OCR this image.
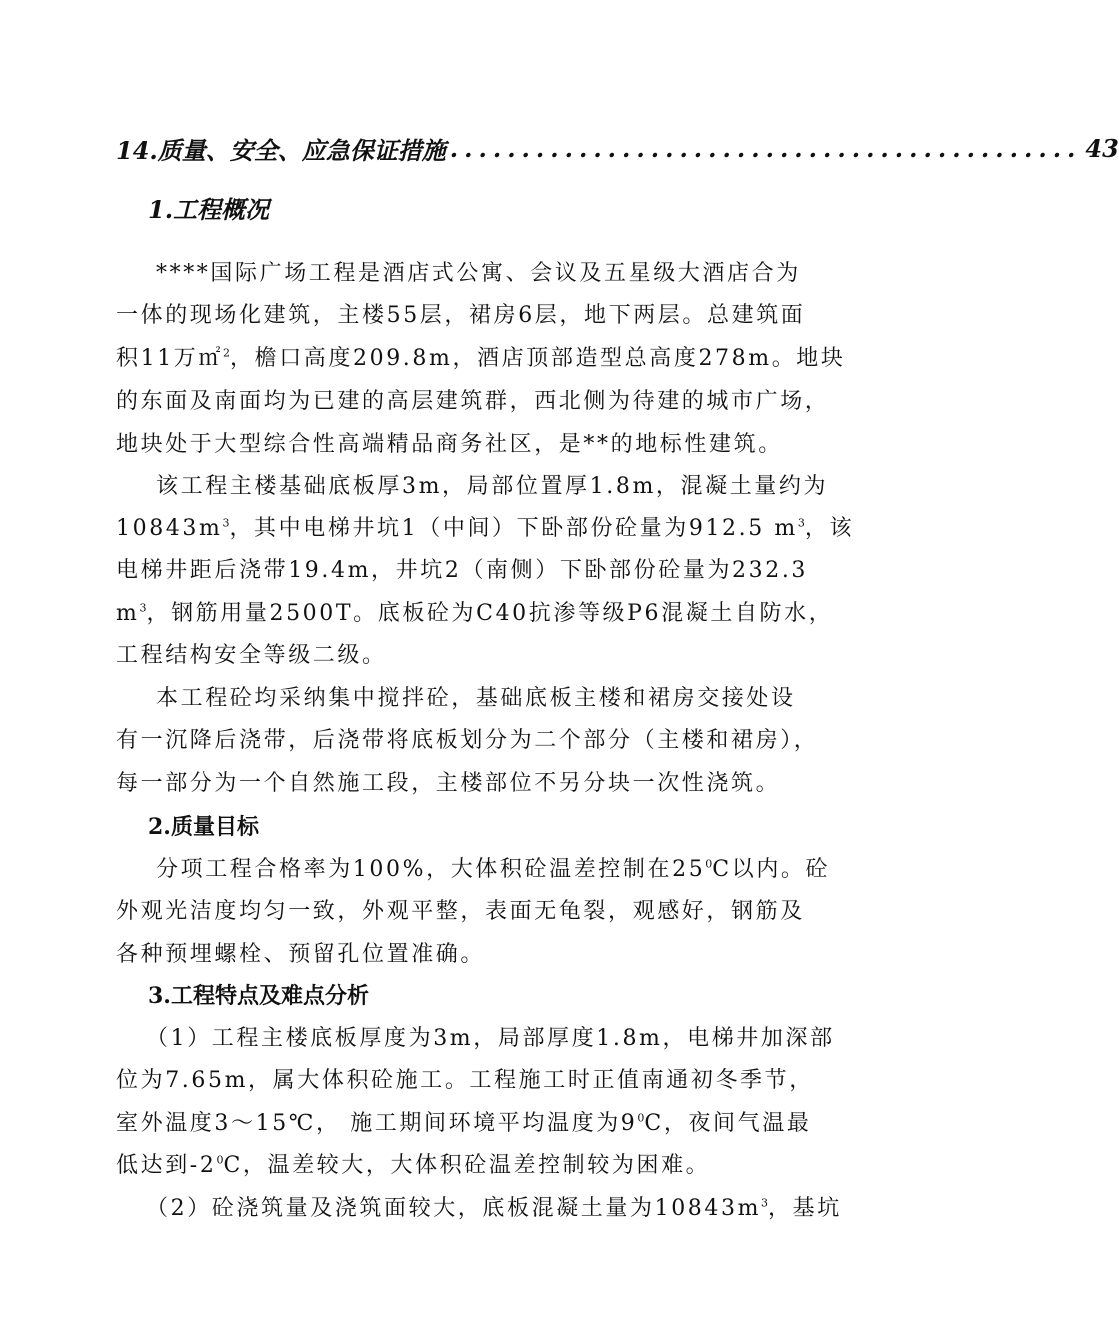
14.质量、安全、应急保证措施 ............................................ 43
1.工程概况
****国际广场工程是酒店式公寓、会议及五星级大酒店合为
一体的现场化建筑，主楼55层，裙房6层，地下两层。总建筑面
积11万㎡$^2$，檐口高度209.8m，酒店顶部造型总高度278m。地块
的东面及南面均为已建的高层建筑群，西北侧为待建的城市广场，
地块处于大型综合性高端精品商务社区，是**的地标性建筑。
该工程主楼基础底板厚3m，局部位置厚1.8m，混凝土量约为
$10843m^3$，其中电梯井坑1（中间）下卧部份砼量为912.5 $m^3$，该
电梯井距后浇带19.4m，井坑2（南侧）下卧部份砼量为232.3
$m^3$，钢筋用量2500T。底板砼为C40抗渗等级P6混凝土自防水，
工程结构安全等级二级。
本工程砼均采纳集中搅拌砼，基础底板主楼和裙房交接处设
有一沉降后浇带，后浇带将底板划分为二个部分（主楼和裙房），
每一部分为一个自然施工段，主楼部位不另分块一次性浇筑。
2.质量目标
分项工程合格率为100%，大体积砼温差控制在$25^0C$以内。砼
外观光洁度均匀一致，外观平整，表面无龟裂，观感好，钢筋及
各种预埋螺栓、预留孔位置准确。
3.工程特点及难点分析
（1）工程主楼底板厚度为3m，局部厚度1.8m，电梯井加深部
位为7.65m，属大体积砼施工。工程施工时正值南通初冬季节，
室外温度3～15℃， 施工期间环境平均温度为$9^0C$，夜间气温最
低达到$-2^0C$，温差较大，大体积砼温差控制较为困难。
（2）砼浇筑量及浇筑面较大，底板混凝土量为$10843m^3$，基坑
